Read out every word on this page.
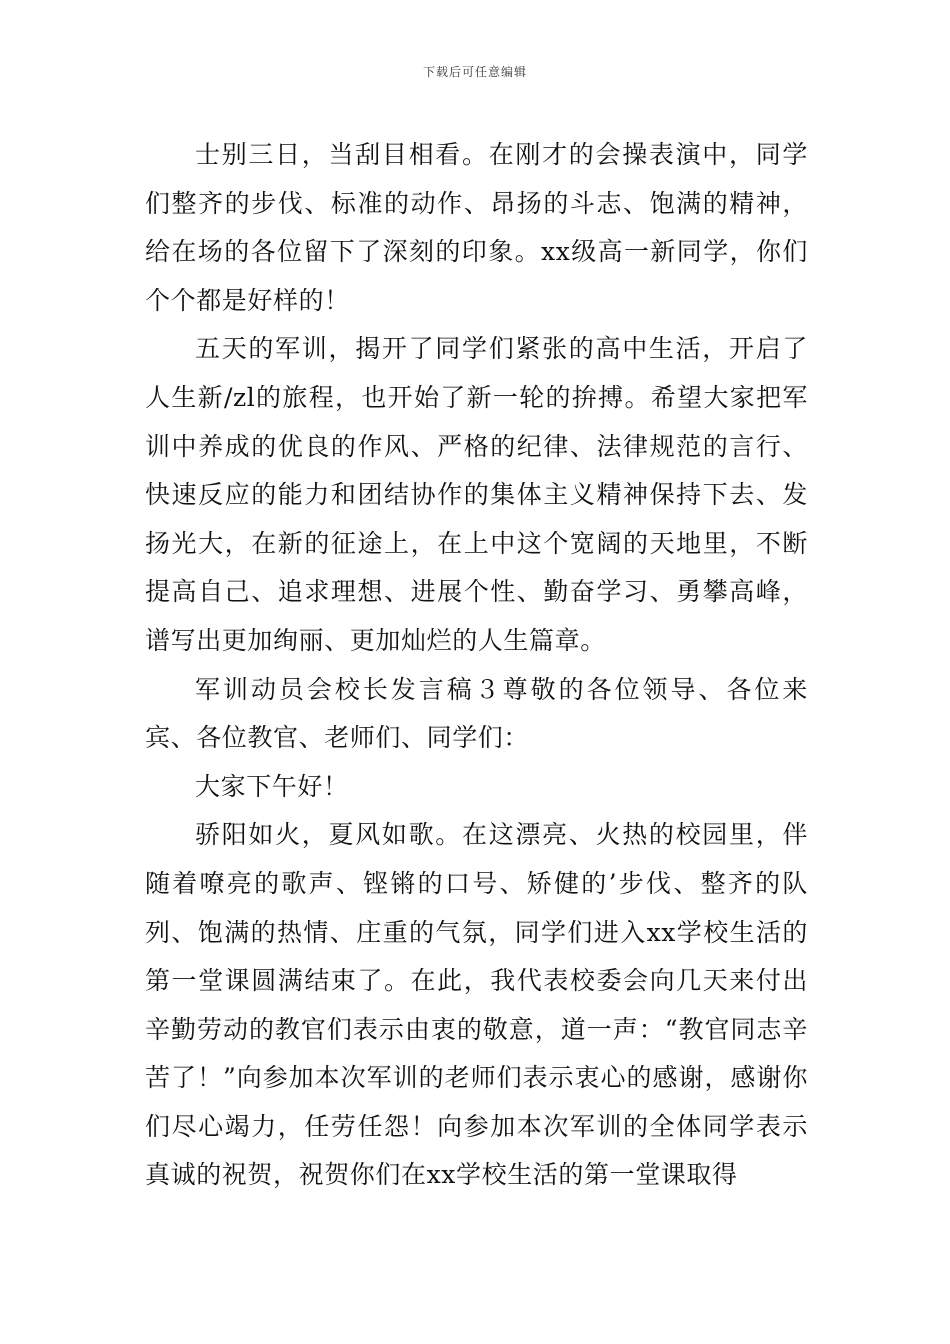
下载后可任意编辑

士别三日，当刮目相看。在刚才的会操表演中，同学们整齐的步伐、标准的动作、昂扬的斗志、饱满的精神，给在场的各位留下了深刻的印象。xx级高一新同学，你们个个都是好样的！

五天的军训，揭开了同学们紧张的高中生活，开启了人生新/zl的旅程，也开始了新一轮的拚搏。希望大家把军训中养成的优良的作风、严格的纪律、法律规范的言行、快速反应的能力和团结协作的集体主义精神保持下去、发扬光大，在新的征途上，在上中这个宽阔的天地里，不断提高自己、追求理想、进展个性、勤奋学习、勇攀高峰，谱写出更加绚丽、更加灿烂的人生篇章。

军训动员会校长发言稿３尊敬的各位领导、各位来宾、各位教官、老师们、同学们：

大家下午好！

骄阳如火，夏风如歌。在这漂亮、火热的校园里，伴随着嘹亮的歌声、铿锵的口号、矫健的’步伐、整齐的队列、饱满的热情、庄重的气氛，同学们进入xx学校生活的第一堂课圆满结束了。在此，我代表校委会向几天来付出辛勤劳动的教官们表示由衷的敬意，道一声：“教官同志辛苦了！”向参加本次军训的老师们表示衷心的感谢，感谢你们尽心竭力，任劳任怨！向参加本次军训的全体同学表示真诚的祝贺，祝贺你们在xx学校生活的第一堂课取得
